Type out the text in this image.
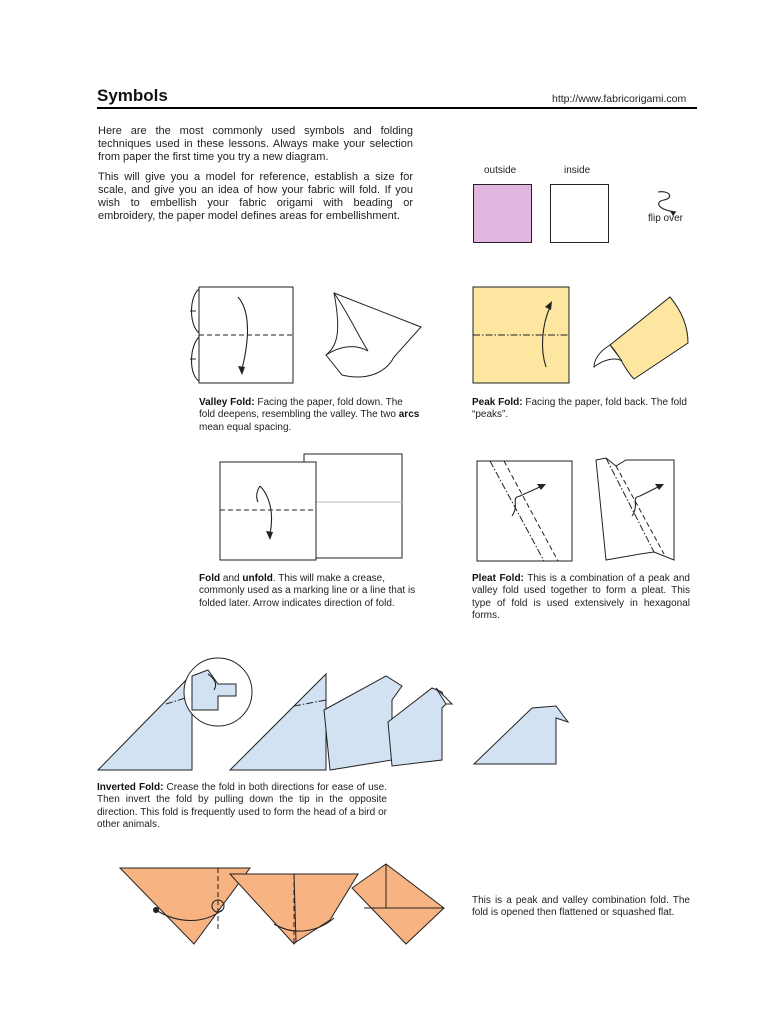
Symbols	http://www.fabricorigami.com

Here are the most commonly used symbols and folding techniques used in these lessons. Always make your selection from paper the first time you try a new diagram.

This will give you a model for reference, establish a size for scale, and give you an idea of how your fabric will fold. If you wish to embellish your fabric origami with beading or embroidery, the paper model defines areas for embellishment.

outside	inside
flip over
Valley Fold: Facing the paper, fold down. The fold deepens, resembling the valley. The two arcs mean equal spacing.
Peak Fold: Facing the paper, fold back. The fold “peaks”.
Fold and unfold. This will make a crease, commonly used as a marking line or a line that is folded later. Arrow indicates direction of fold.
Pleat Fold: This is a combination of a peak and valley fold used together to form a pleat. This type of fold is used extensively in hexagonal forms.
Inverted Fold: Crease the fold in both directions for ease of use. Then invert the fold by pulling down the tip in the opposite direction. This fold is frequently used to form the head of a bird or other animals.
This is a peak and valley combination fold. The fold is opened then flattened or squashed flat.
